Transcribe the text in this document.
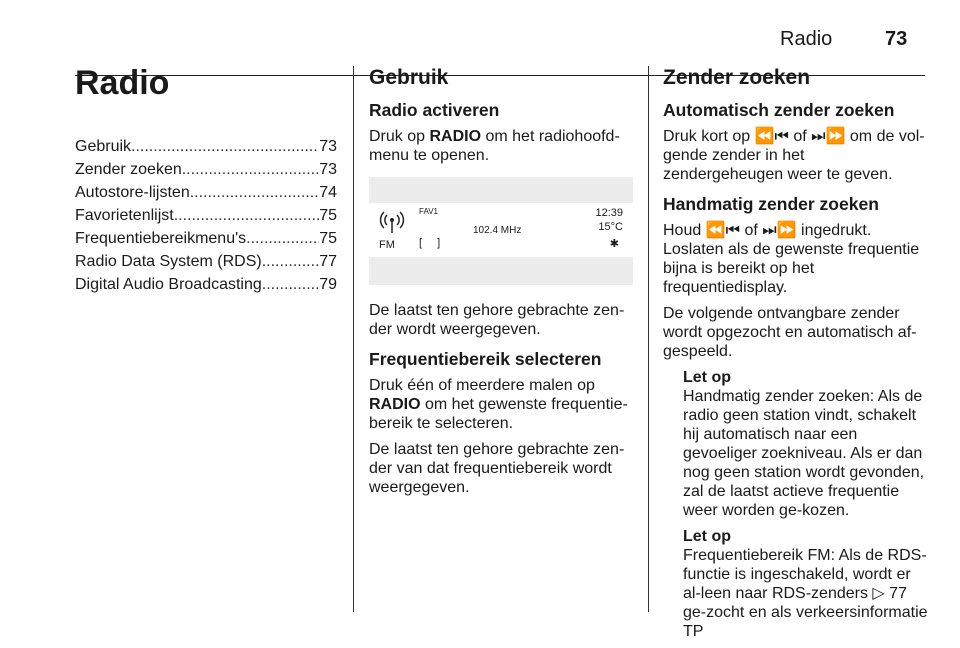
Radio	73
Radio
Gebruik .....	73
Zender zoeken .....	73
Autostore-lijsten .....	74
Favorietenlijst .....	75
Frequentiebereikmenu's .....	75
Radio Data System (RDS) .....	77
Digital Audio Broadcasting .....	79
Gebruik
Radio activeren

Druk op RADIO om het radiohoofd-menu te openen.

FAV1
102.4 MHz
FM [ ]
12:39
15°C
✱

De laatst ten gehore gebrachte zen-der wordt weergegeven.

Frequentiebereik selecteren

Druk één of meerdere malen op RADIO om het gewenste frequentie-bereik te selecteren.

De laatst ten gehore gebrachte zen-der van dat frequentiebereik wordt weergegeven.

Zender zoeken
Automatisch zender zoeken

Druk kort op ⏪⏮ of ⏭⏩ om de vol-gende zender in het zendergeheugen weer te geven.

Handmatig zender zoeken

Houd ⏪⏮ of ⏭⏩ ingedrukt. Loslaten als de gewenste frequentie bijna is bereikt op het frequentiedisplay.

De volgende ontvangbare zender wordt opgezocht en automatisch af-gespeeld.

Let op

Handmatig zender zoeken: Als de radio geen station vindt, schakelt hij automatisch naar een gevoeliger zoekniveau. Als er dan nog geen station wordt gevonden, zal de laatst actieve frequentie weer worden ge-kozen.

Let op

Frequentiebereik FM: Als de RDS-functie is ingeschakeld, wordt er al-leen naar RDS-zenders ▷ 77 ge-zocht en als verkeersinformatie TP
